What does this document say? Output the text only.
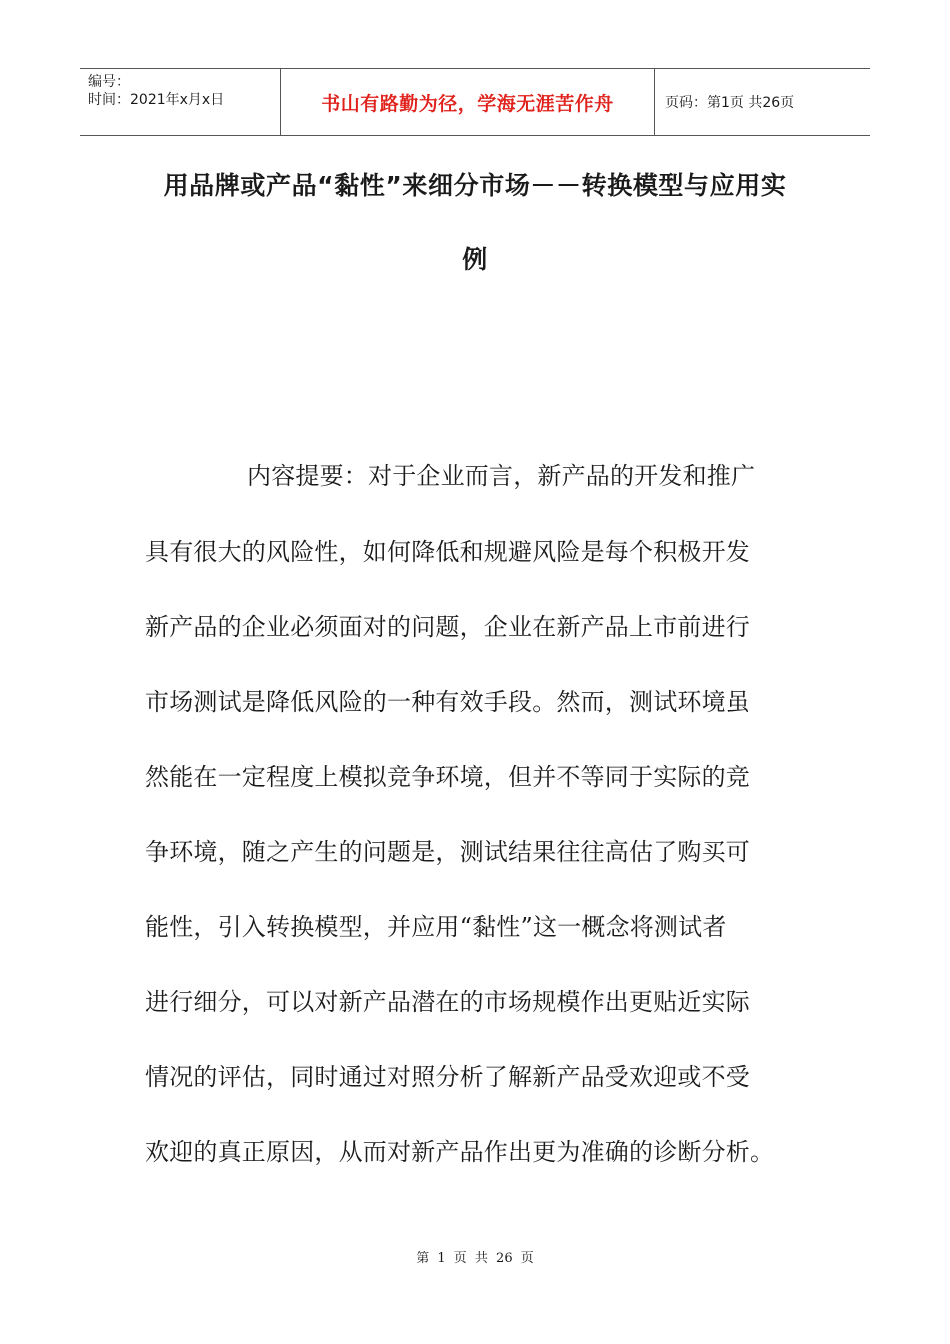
编号：
时间：2021年x月x日	书山有路勤为径，学海无涯苦作舟	页码：第1页 共26页
用品牌或产品“黏性”来细分市场－－转换模型与应用实
例
内容提要：对于企业而言，新产品的开发和推广
具有很大的风险性，如何降低和规避风险是每个积极开发
新产品的企业必须面对的问题，企业在新产品上市前进行
市场测试是降低风险的一种有效手段。然而，测试环境虽
然能在一定程度上模拟竞争环境，但并不等同于实际的竞
争环境，随之产生的问题是，测试结果往往高估了购买可
能性，引入转换模型，并应用“黏性”这一概念将测试者
进行细分，可以对新产品潜在的市场规模作出更贴近实际
情况的评估，同时通过对照分析了解新产品受欢迎或不受
欢迎的真正原因，从而对新产品作出更为准确的诊断分析。
第 1 页 共 26 页
